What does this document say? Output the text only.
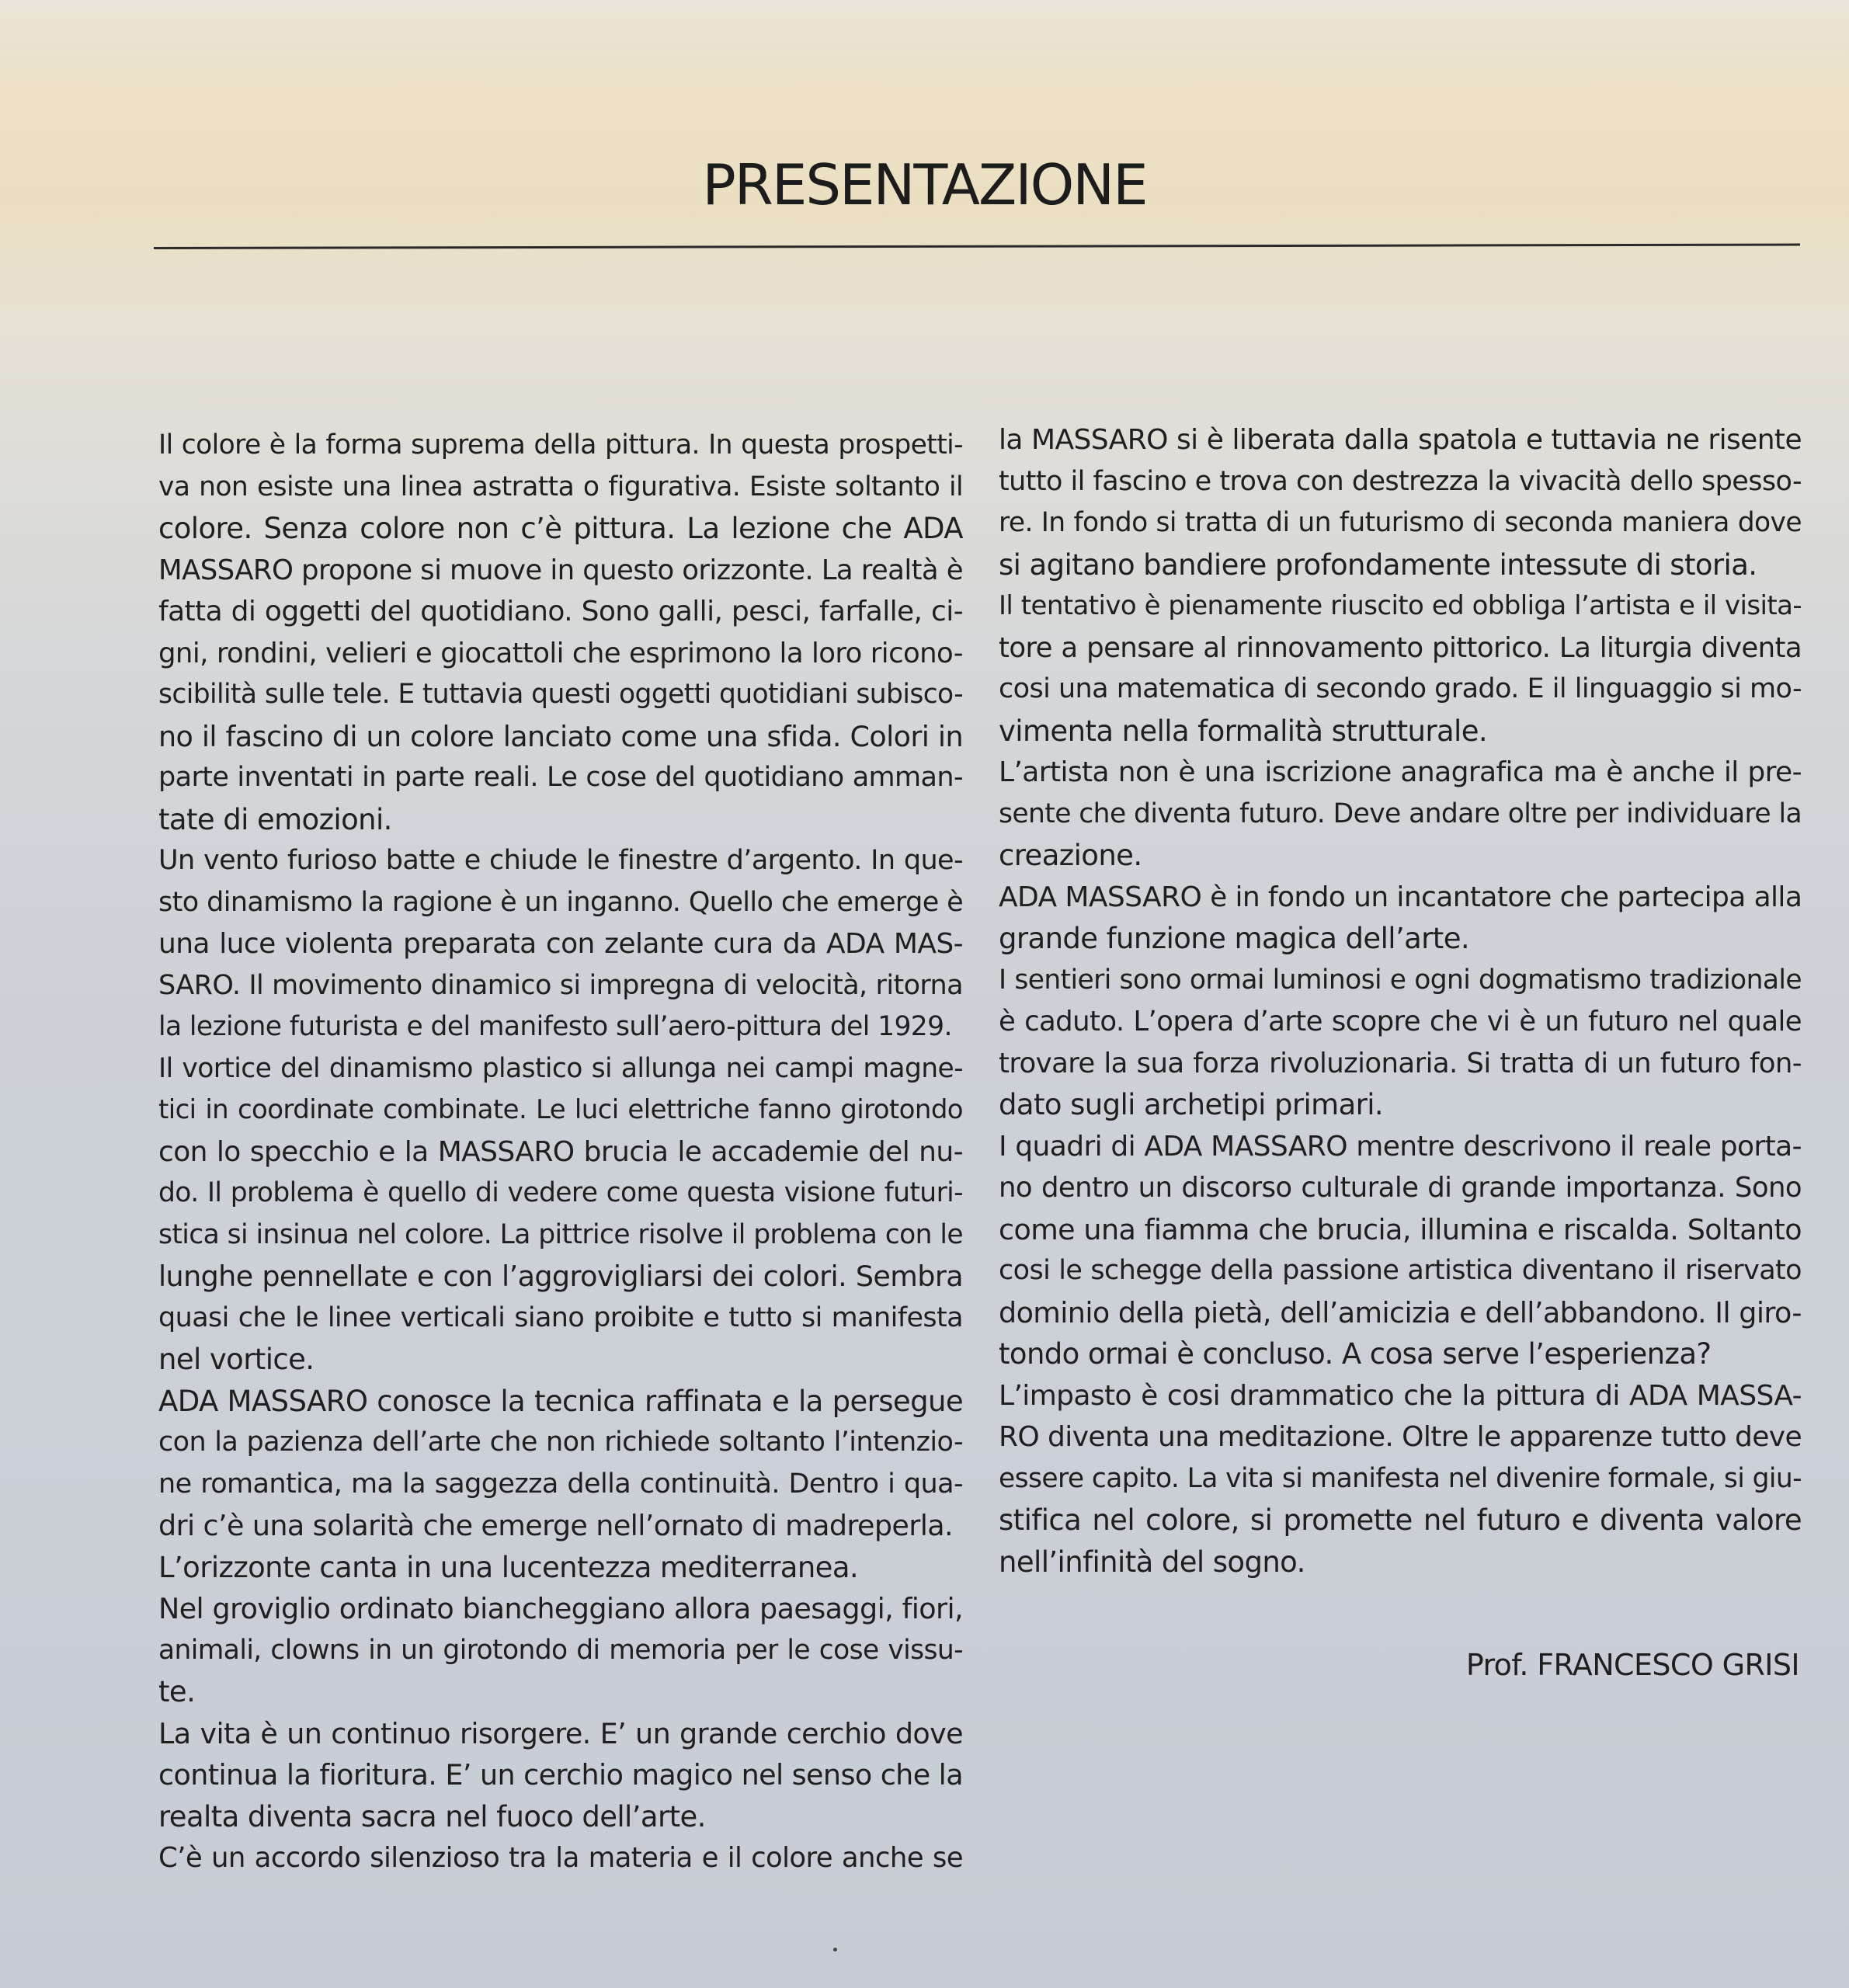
PRESENTAZIONE
Il colore è la forma suprema della pittura. In questa prospetti-
va non esiste una linea astratta o figurativa. Esiste soltanto il
colore. Senza colore non c’è pittura. La lezione che ADA
MASSARO propone si muove in questo orizzonte. La realtà è
fatta di oggetti del quotidiano. Sono galli, pesci, farfalle, ci-
gni, rondini, velieri e giocattoli che esprimono la loro ricono-
scibilità sulle tele. E tuttavia questi oggetti quotidiani subisco-
no il fascino di un colore lanciato come una sfida. Colori in
parte inventati in parte reali. Le cose del quotidiano amman-
tate di emozioni.
Un vento furioso batte e chiude le finestre d’argento. In que-
sto dinamismo la ragione è un inganno. Quello che emerge è
una luce violenta preparata con zelante cura da ADA MAS-
SARO. Il movimento dinamico si impregna di velocità, ritorna
la lezione futurista e del manifesto sull’aero-pittura del 1929.
Il vortice del dinamismo plastico si allunga nei campi magne-
tici in coordinate combinate. Le luci elettriche fanno girotondo
con lo specchio e la MASSARO brucia le accademie del nu-
do. Il problema è quello di vedere come questa visione futuri-
stica si insinua nel colore. La pittrice risolve il problema con le
lunghe pennellate e con l’aggrovigliarsi dei colori. Sembra
quasi che le linee verticali siano proibite e tutto si manifesta
nel vortice.
ADA MASSARO conosce la tecnica raffinata e la persegue
con la pazienza dell’arte che non richiede soltanto l’intenzio-
ne romantica, ma la saggezza della continuità. Dentro i qua-
dri c’è una solarità che emerge nell’ornato di madreperla.
L’orizzonte canta in una lucentezza mediterranea.
Nel groviglio ordinato biancheggiano allora paesaggi, fiori,
animali, clowns in un girotondo di memoria per le cose vissu-
te.
La vita è un continuo risorgere. E’ un grande cerchio dove
continua la fioritura. E’ un cerchio magico nel senso che la
realta diventa sacra nel fuoco dell’arte.
C’è un accordo silenzioso tra la materia e il colore anche se
la MASSARO si è liberata dalla spatola e tuttavia ne risente
tutto il fascino e trova con destrezza la vivacità dello spesso-
re. In fondo si tratta di un futurismo di seconda maniera dove
si agitano bandiere profondamente intessute di storia.
Il tentativo è pienamente riuscito ed obbliga l’artista e il visita-
tore a pensare al rinnovamento pittorico. La liturgia diventa
cosi una matematica di secondo grado. E il linguaggio si mo-
vimenta nella formalità strutturale.
L’artista non è una iscrizione anagrafica ma è anche il pre-
sente che diventa futuro. Deve andare oltre per individuare la
creazione.
ADA MASSARO è in fondo un incantatore che partecipa alla
grande funzione magica dell’arte.
I sentieri sono ormai luminosi e ogni dogmatismo tradizionale
è caduto. L’opera d’arte scopre che vi è un futuro nel quale
trovare la sua forza rivoluzionaria. Si tratta di un futuro fon-
dato sugli archetipi primari.
I quadri di ADA MASSARO mentre descrivono il reale porta-
no dentro un discorso culturale di grande importanza. Sono
come una fiamma che brucia, illumina e riscalda. Soltanto
cosi le schegge della passione artistica diventano il riservato
dominio della pietà, dell’amicizia e dell’abbandono. Il giro-
tondo ormai è concluso. A cosa serve l’esperienza?
L’impasto è cosi drammatico che la pittura di ADA MASSA-
RO diventa una meditazione. Oltre le apparenze tutto deve
essere capito. La vita si manifesta nel divenire formale, si giu-
stifica nel colore, si promette nel futuro e diventa valore
nell’infinità del sogno.
Prof. FRANCESCO GRISI
